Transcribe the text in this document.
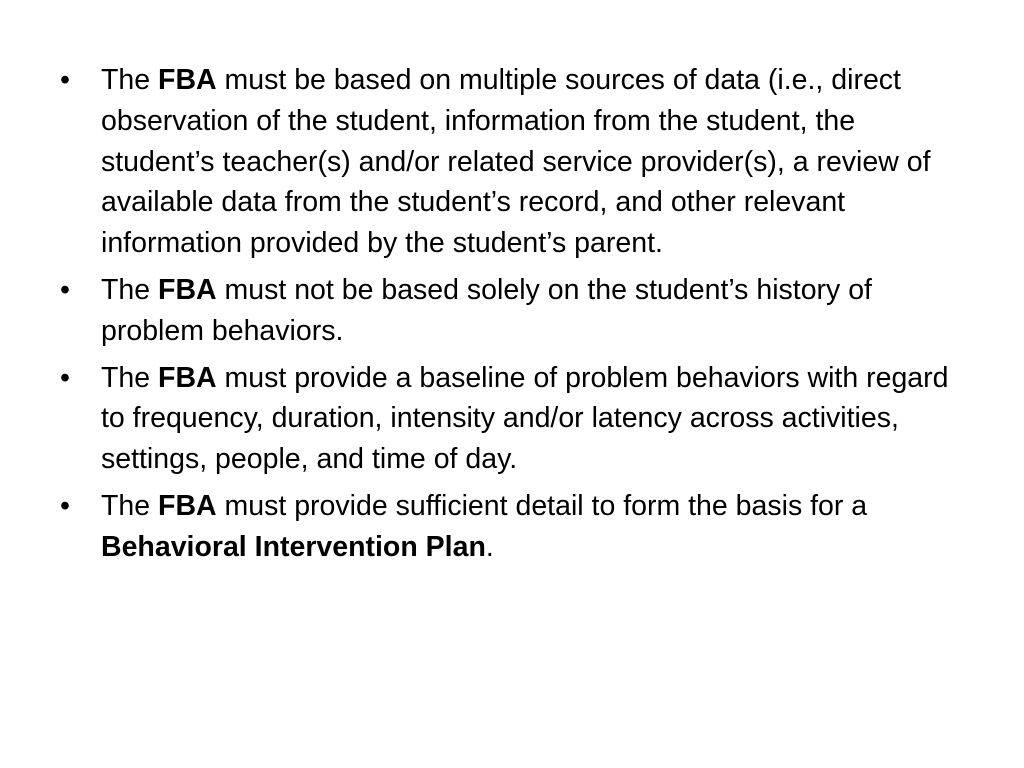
• The FBA must be based on multiple sources of data (i.e., direct observation of the student, information from the student, the student’s teacher(s) and/or related service provider(s), a review of available data from the student’s record, and other relevant information provided by the student’s parent.
• The FBA must not be based solely on the student’s history of problem behaviors.
• The FBA must provide a baseline of problem behaviors with regard to frequency, duration, intensity and/or latency across activities, settings, people, and time of day.
• The FBA must provide sufficient detail to form the basis for a Behavioral Intervention Plan.
